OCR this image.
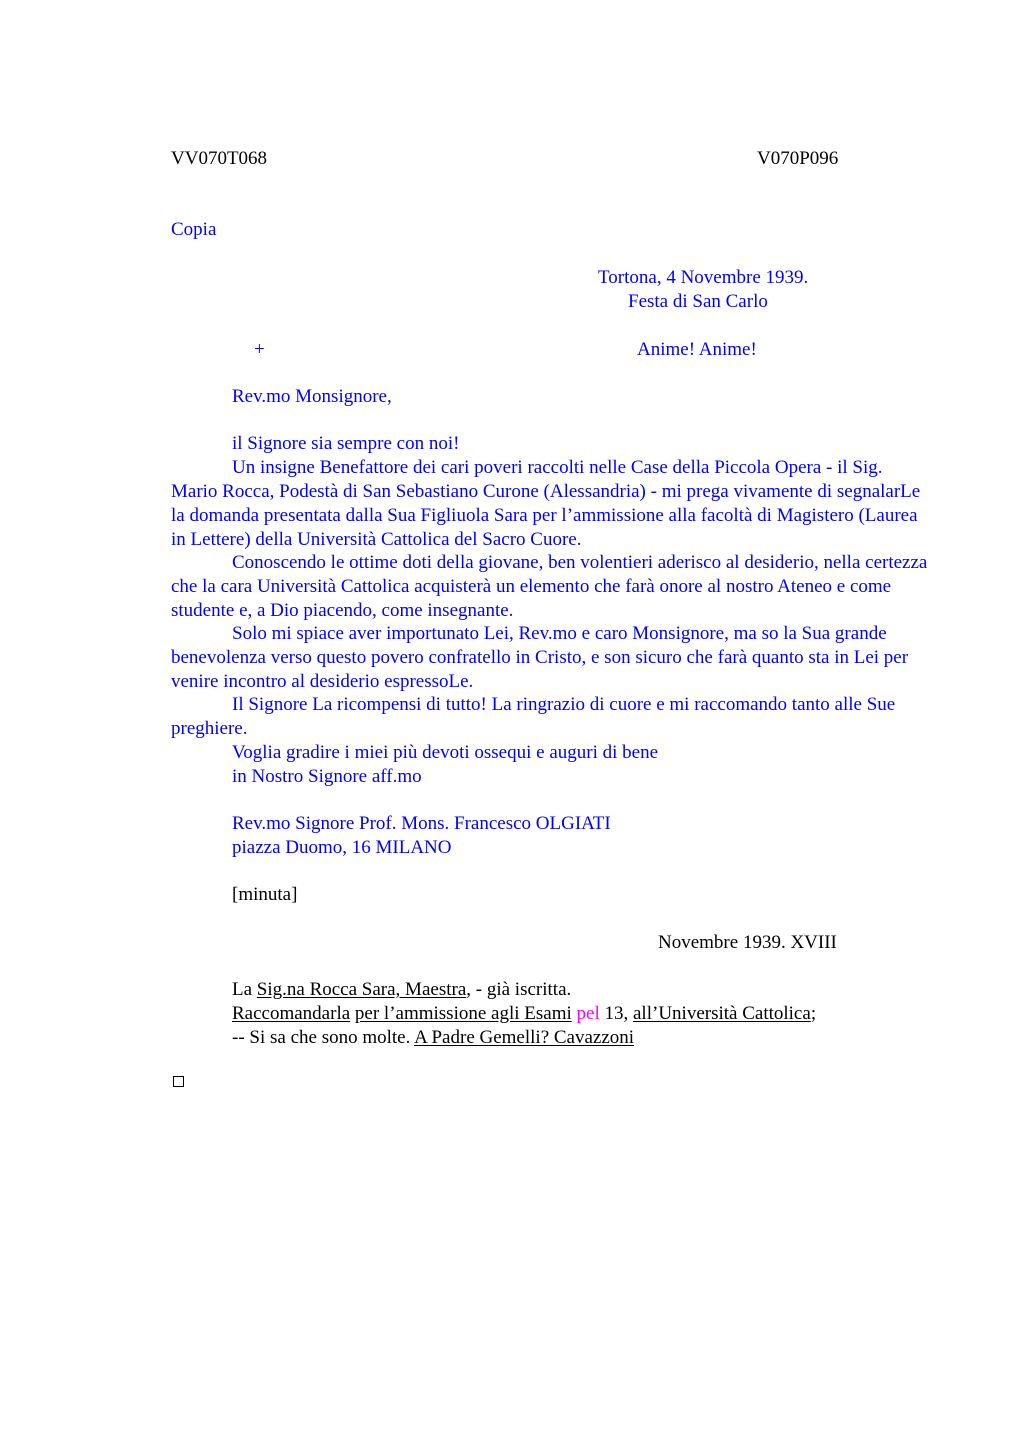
VV070T068	V070P096
Copia
Tortona, 4 Novembre 1939.
Festa di San Carlo
+	Anime! Anime!
Rev.mo Monsignore,
il Signore sia sempre con noi!
Un insigne Benefattore dei cari poveri raccolti nelle Case della Piccola Opera - il Sig. Mario Rocca, Podestà di San Sebastiano Curone (Alessandria) - mi prega vivamente di segnalarLe la domanda presentata dalla Sua Figliuola Sara per l’ammissione alla facoltà di Magistero (Laurea in Lettere) della Università Cattolica del Sacro Cuore.
Conoscendo le ottime doti della giovane, ben volentieri aderisco al desiderio, nella certezza che la cara Università Cattolica acquisterà un elemento che farà onore al nostro Ateneo e come studente e, a Dio piacendo, come insegnante.
Solo mi spiace aver importunato Lei, Rev.mo e caro Monsignore, ma so la Sua grande benevolenza verso questo povero confratello in Cristo, e son sicuro che farà quanto sta in Lei per venire incontro al desiderio espressoLe.
Il Signore La ricompensi di tutto! La ringrazio di cuore e mi raccomando tanto alle Sue preghiere.
Voglia gradire i miei più devoti ossequi e auguri di bene
in Nostro Signore aff.mo
Rev.mo Signore Prof. Mons. Francesco OLGIATI
piazza Duomo, 16 MILANO
[minuta]
Novembre 1939. XVIII
La Sig.na Rocca Sara, Maestra, - già iscritta.
Raccomandarla per l’ammissione agli Esami pel 13, all’Università Cattolica;
-- Si sa che sono molte. A Padre Gemelli? Cavazzoni
